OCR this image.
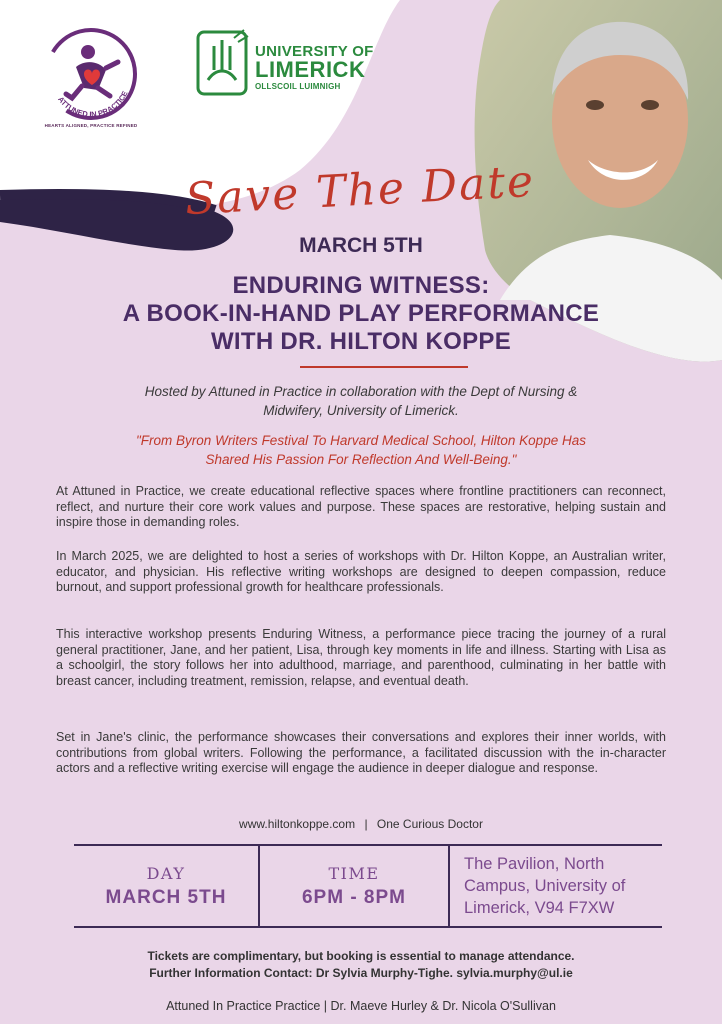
ATTUNED IN PRACTICE
HEARTS ALIGNED, PRACTICE REFINED
UNIVERSITY OF
LIMERICK
OLLSCOIL LUIMNIGH
Save The Date
MARCH 5TH
ENDURING WITNESS:
A BOOK-IN-HAND PLAY PERFORMANCE
WITH DR. HILTON KOPPE
Hosted by Attuned in Practice in collaboration with the Dept of Nursing &
Midwifery, University of Limerick.
"From Byron Writers Festival To Harvard Medical School, Hilton Koppe Has
Shared His Passion For Reflection And Well-Being."

At Attuned in Practice, we create educational reflective spaces where frontline practitioners can reconnect, reflect, and nurture their core work values and purpose. These spaces are restorative, helping sustain and inspire those in demanding roles.

In March 2025, we are delighted to host a series of workshops with Dr. Hilton Koppe, an Australian writer, educator, and physician. His reflective writing workshops are designed to deepen compassion, reduce burnout, and support professional growth for healthcare professionals.

This interactive workshop presents Enduring Witness, a performance piece tracing the journey of a rural general practitioner, Jane, and her patient, Lisa, through key moments in life and illness. Starting with Lisa as a schoolgirl, the story follows her into adulthood, marriage, and parenthood, culminating in her battle with breast cancer, including treatment, remission, relapse, and eventual death.

Set in Jane's clinic, the performance showcases their conversations and explores their inner worlds, with contributions from global writers. Following the performance, a facilitated discussion with the in-character actors and a reflective writing exercise will engage the audience in deeper dialogue and response.

www.hiltonkoppe.com | One Curious Doctor
DAY
MARCH 5TH
TIME
6PM - 8PM
The Pavilion, North
Campus, University of
Limerick, V94 F7XW
Tickets are complimentary, but booking is essential to manage attendance.
Further Information Contact: Dr Sylvia Murphy-Tighe. sylvia.murphy@ul.ie
Attuned In Practice Practice | Dr. Maeve Hurley & Dr. Nicola O'Sullivan
